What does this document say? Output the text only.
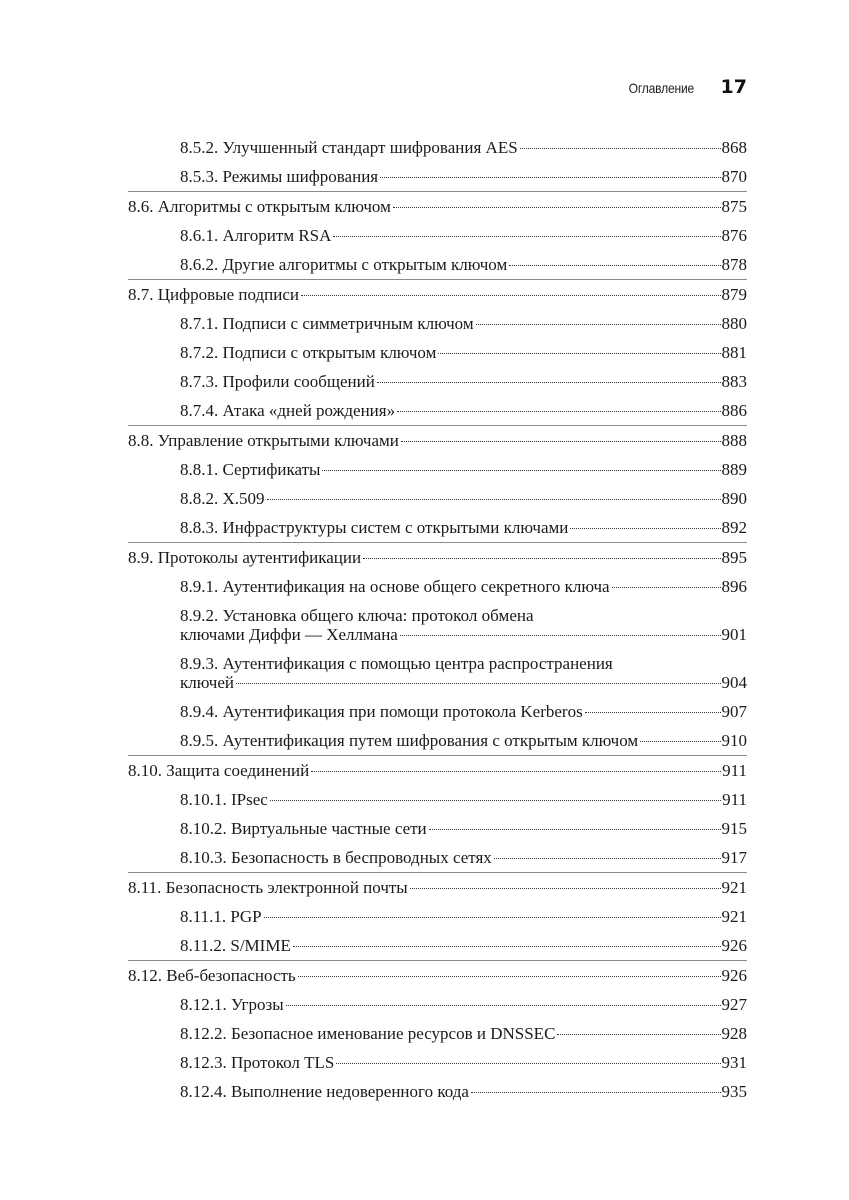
Оглавление 17
8.5.2. Улучшенный стандарт шифрования AES	868
8.5.3. Режимы шифрования	870
8.6. Алгоритмы с открытым ключом	875
8.6.1. Алгоритм RSA	876
8.6.2. Другие алгоритмы с открытым ключом	878
8.7. Цифровые подписи	879
8.7.1. Подписи с симметричным ключом	880
8.7.2. Подписи с открытым ключом	881
8.7.3. Профили сообщений	883
8.7.4. Атака «дней рождения»	886
8.8. Управление открытыми ключами	888
8.8.1. Сертификаты	889
8.8.2. X.509	890
8.8.3. Инфраструктуры систем с открытыми ключами	892
8.9. Протоколы аутентификации	895
8.9.1. Аутентификация на основе общего секретного ключа	896
8.9.2. Установка общего ключа: протокол обмена
ключами Диффи — Хеллмана	901
8.9.3. Аутентификация с помощью центра распространения
ключей	904
8.9.4. Аутентификация при помощи протокола Kerberos	907
8.9.5. Аутентификация путем шифрования с открытым ключом	910
8.10. Защита соединений	911
8.10.1. IPsec	911
8.10.2. Виртуальные частные сети	915
8.10.3. Безопасность в беспроводных сетях	917
8.11. Безопасность электронной почты	921
8.11.1. PGP	921
8.11.2. S/MIME	926
8.12. Веб-безопасность	926
8.12.1. Угрозы	927
8.12.2. Безопасное именование ресурсов и DNSSEC	928
8.12.3. Протокол TLS	931
8.12.4. Выполнение недоверенного кода	935
